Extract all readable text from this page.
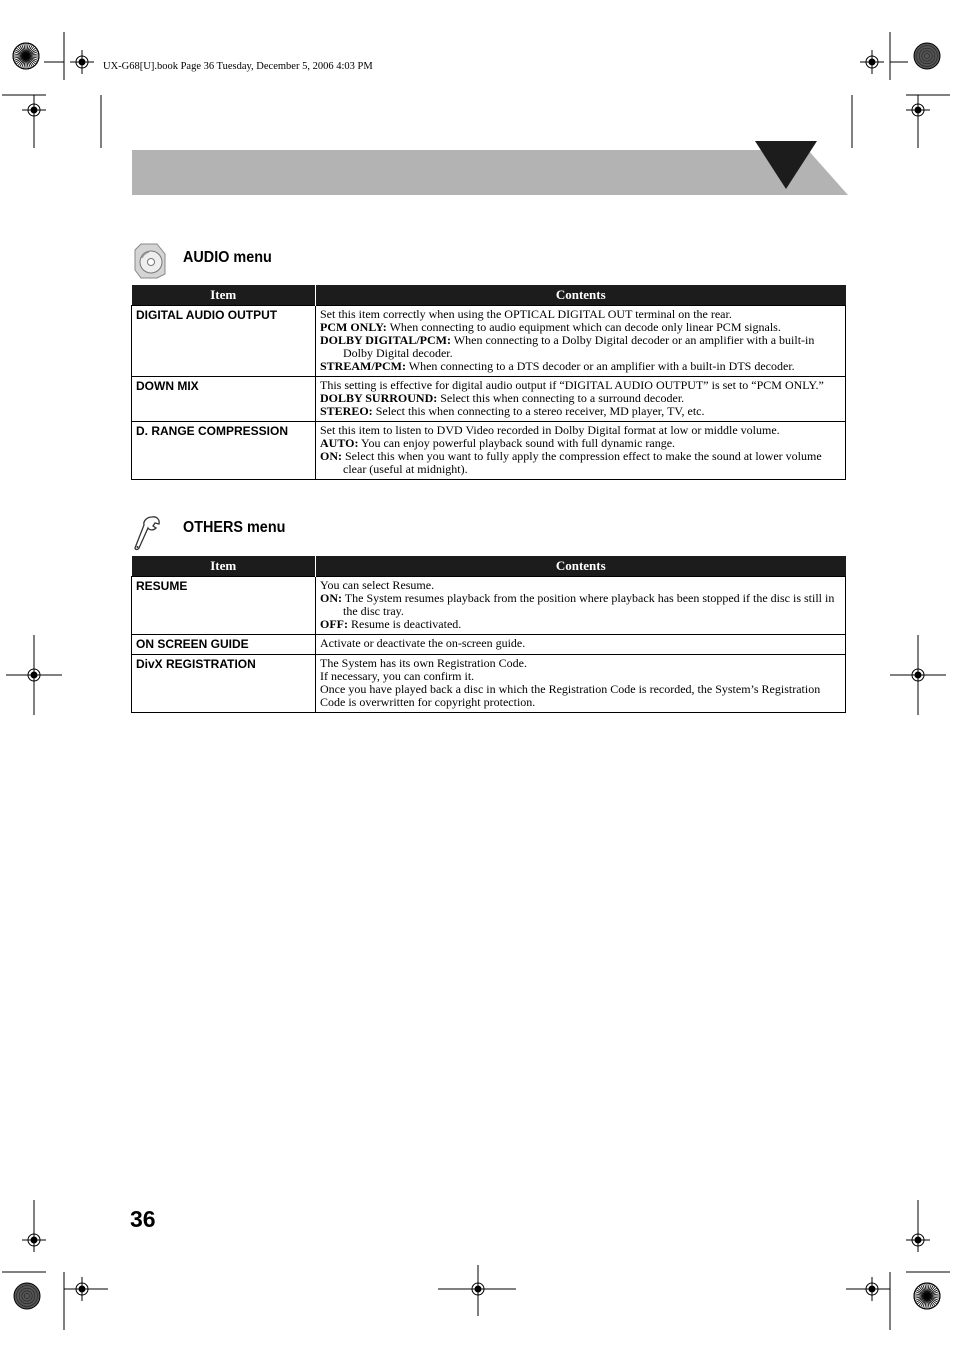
UX-G68[U].book Page 36 Tuesday, December 5, 2006 4:03 PM
AUDIO menu
Item	Contents
DIGITAL AUDIO OUTPUT	Set this item correctly when using the OPTICAL DIGITAL OUT terminal on the rear.
PCM ONLY: When connecting to audio equipment which can decode only linear PCM signals.
DOLBY DIGITAL/PCM: When connecting to a Dolby Digital decoder or an amplifier with a built-in Dolby Digital decoder.
STREAM/PCM: When connecting to a DTS decoder or an amplifier with a built-in DTS decoder.

DOWN MIX	This setting is effective for digital audio output if “DIGITAL AUDIO OUTPUT” is set to “PCM ONLY.”
DOLBY SURROUND: Select this when connecting to a surround decoder.
STEREO: Select this when connecting to a stereo receiver, MD player, TV, etc.

D. RANGE COMPRESSION	Set this item to listen to DVD Video recorded in Dolby Digital format at low or middle volume.
AUTO: You can enjoy powerful playback sound with full dynamic range.
ON: Select this when you want to fully apply the compression effect to make the sound at lower volume clear (useful at midnight).
OTHERS menu
Item	Contents
RESUME	You can select Resume.
ON: The System resumes playback from the position where playback has been stopped if the disc is still in the disc tray.
OFF: Resume is deactivated.

ON SCREEN GUIDE	Activate or deactivate the on-screen guide.

DivX REGISTRATION	The System has its own Registration Code.
If necessary, you can confirm it.
Once you have played back a disc in which the Registration Code is recorded, the System’s Registration Code is overwritten for copyright protection.
36
